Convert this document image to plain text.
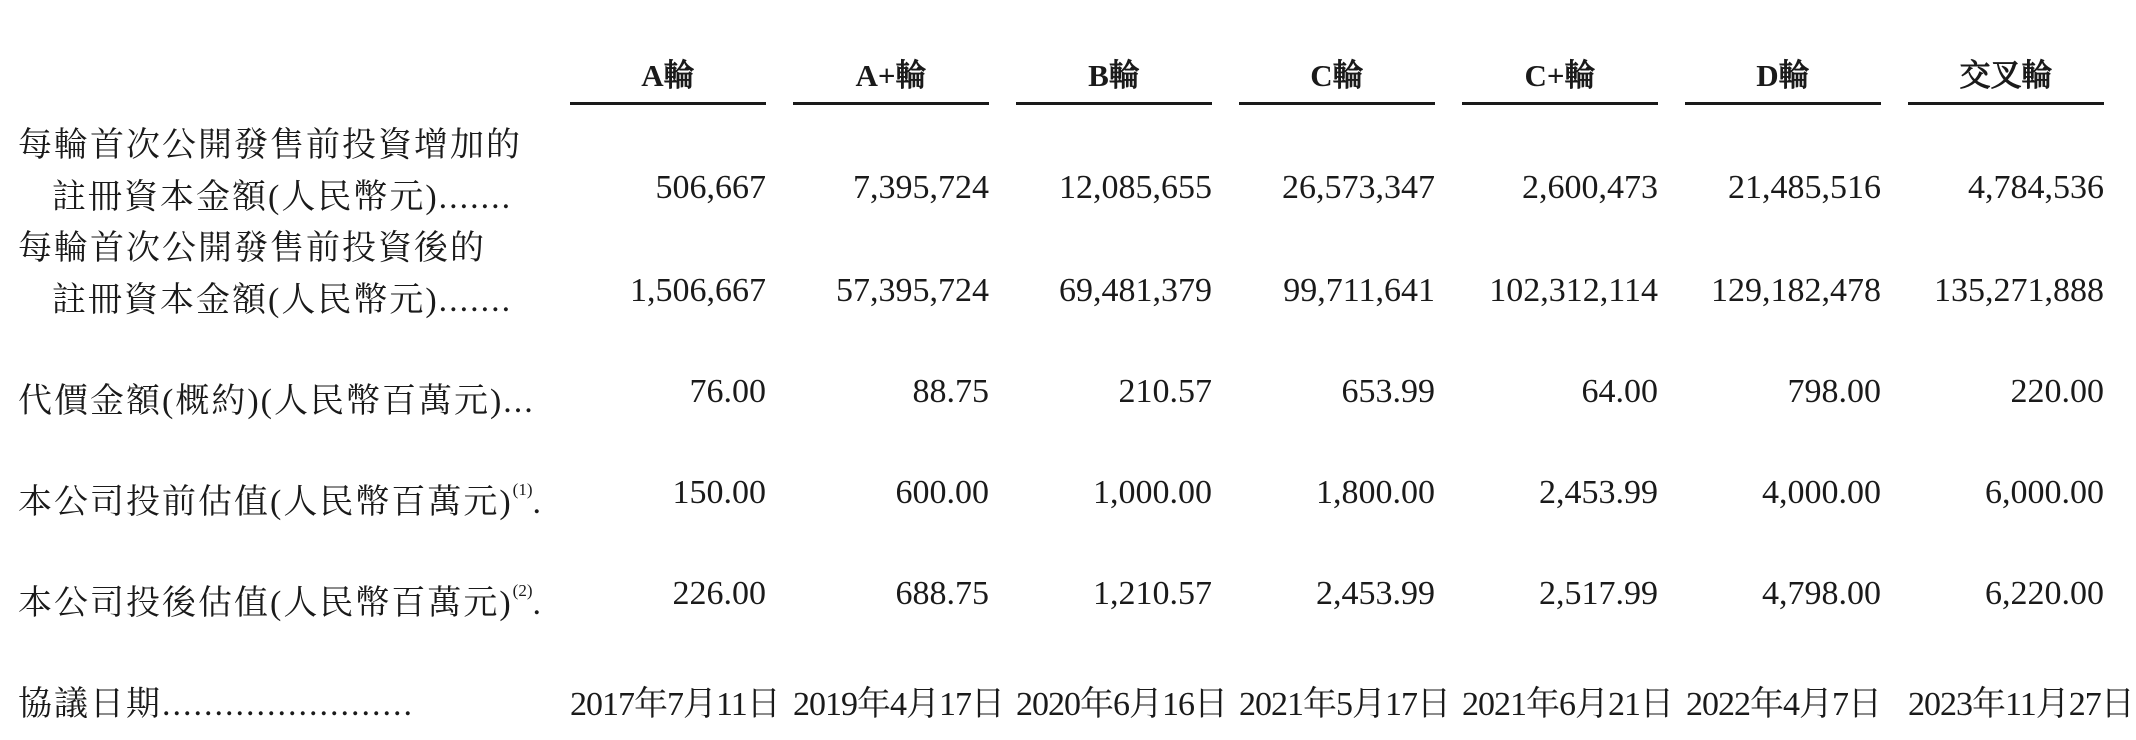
A輪	A+輪	B輪	C輪	C+輪	D輪	交叉輪
每輪首次公開發售前投資增加的
註冊資本金額(人民幣元).......	506,667	7,395,724	12,085,655	26,573,347	2,600,473	21,485,516	4,784,536
每輪首次公開發售前投資後的
註冊資本金額(人民幣元).......	1,506,667	57,395,724	69,481,379	99,711,641	102,312,114	129,182,478	135,271,888
代價金額(概約)(人民幣百萬元)...	76.00	88.75	210.57	653.99	64.00	798.00	220.00
本公司投前估值(人民幣百萬元)$^{(1)}$.	150.00	600.00	1,000.00	1,800.00	2,453.99	4,000.00	6,000.00
本公司投後估值(人民幣百萬元)$^{(2)}$.	226.00	688.75	1,210.57	2,453.99	2,517.99	4,798.00	6,220.00
協議日期........................	2017年7月11日 2019年4月17日 2020年6月16日 2021年5月17日 2021年6月21日 2022年4月7日 2023年11月27日
